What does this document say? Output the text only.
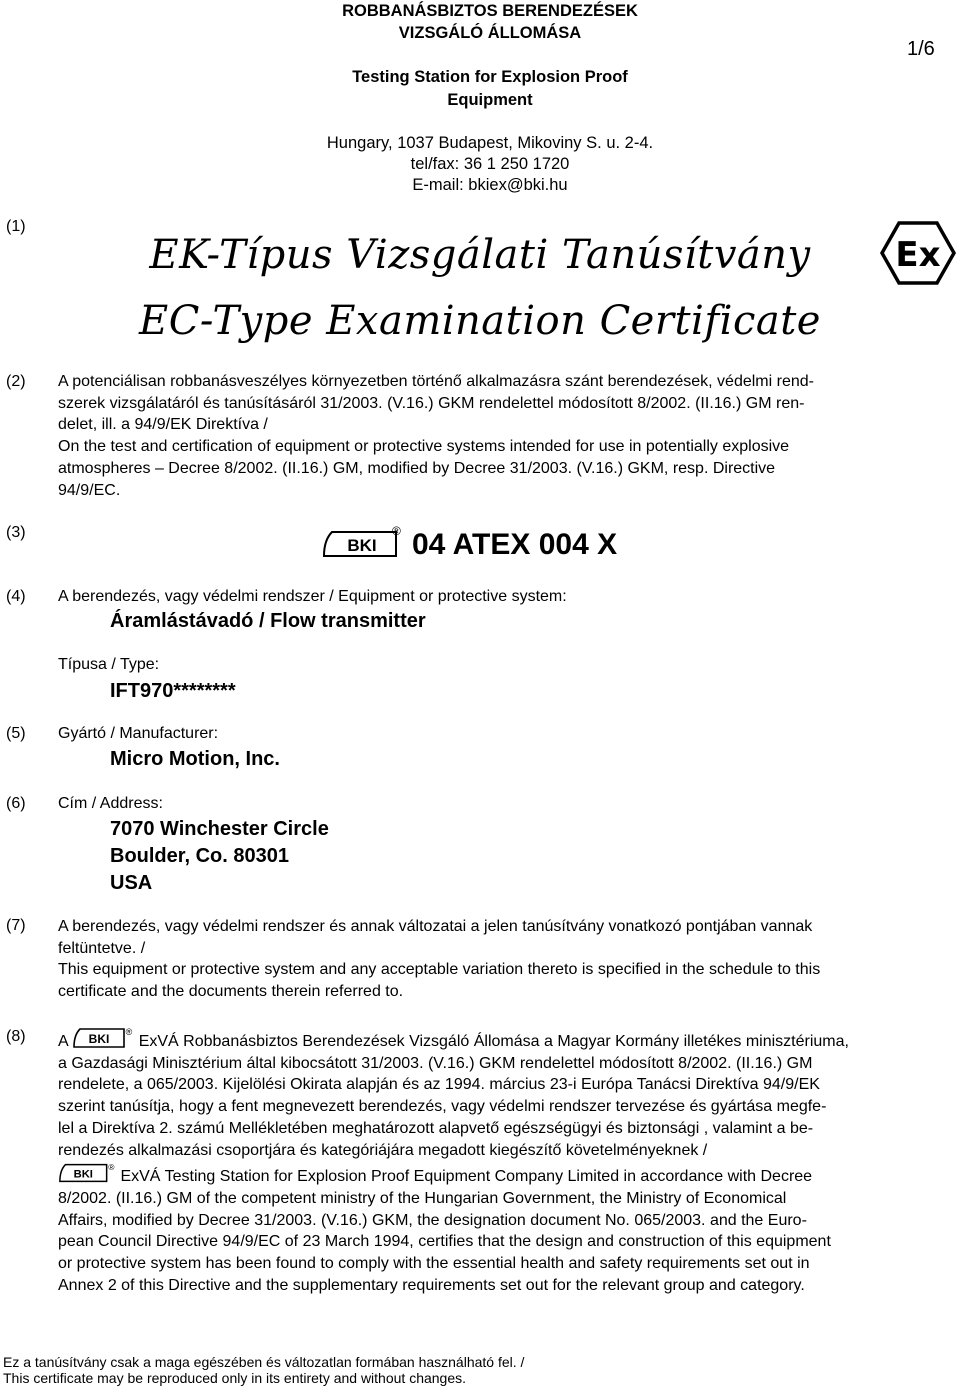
ROBBANÁSBIZTOS BERENDEZÉSEK
VIZSGÁLÓ ÁLLOMÁSA
Testing Station for Explosion Proof
Equipment
Hungary, 1037 Budapest, Mikoviny S. u. 2-4.
tel/fax: 36 1 250 1720
E-mail: bkiex@bki.hu
1/6
(1)
EK-Típus Vizsgálati Tanúsítvány
EC-Type Examination Certificate
Ex
(2) A potenciálisan robbanásveszélyes környezetben történő alkalmazásra szánt berendezések, védelmi rend-
szerek vizsgálatáról és tanúsításáról 31/2003. (V.16.) GKM rendelettel módosított 8/2002. (II.16.) GM ren-
delet, ill. a 94/9/EK Direktíva /
On the test and certification of equipment or protective systems intended for use in potentially explosive
atmospheres – Decree 8/2002. (II.16.) GM, modified by Decree 31/2003. (V.16.) GKM, resp. Directive
94/9/EC.
(3)
BKI
® 04 ATEX 004 X
(4) A berendezés, vagy védelmi rendszer / Equipment or protective system:
Áramlástávadó / Flow transmitter
Típusa / Type:
IFT970********
(5) Gyártó / Manufacturer:
Micro Motion, Inc.
(6) Cím / Address:
7070 Winchester Circle
Boulder, Co. 80301
USA
(7) A berendezés, vagy védelmi rendszer és annak változatai a jelen tanúsítvány vonatkozó pontjában vannak
feltüntetve. /
This equipment or protective system and any acceptable variation thereto is specified in the schedule to this
certificate and the documents therein referred to.
(8) A BKI ®
ExVÁ Robbanásbiztos Berendezések Vizsgáló Állomása a Magyar Kormány illetékes minisztériuma,
a Gazdasági Minisztérium által kibocsátott 31/2003. (V.16.) GKM rendelettel módosított 8/2002. (II.16.) GM
rendelete, a 065/2003. Kijelölési Okirata alapján és az 1994. március 23-i Európa Tanácsi Direktíva 94/9/EK
szerint tanúsítja, hogy a fent megnevezett berendezés, vagy védelmi rendszer tervezése és gyártása megfe-
lel a Direktíva 2. számú Mellékletében meghatározott alapvető egészségügyi és biztonsági , valamint a be-
rendezés alkalmazási csoportjára és kategóriájára megadott kiegészítő követelményeknek /
BKI
®
ExVÁ Testing Station for Explosion Proof Equipment Company Limited in accordance with Decree
8/2002. (II.16.) GM of the competent ministry of the Hungarian Government, the Ministry of Economical
Affairs, modified by Decree 31/2003. (V.16.) GKM, the designation document No. 065/2003. and the Euro-
pean Council Directive 94/9/EC of 23 March 1994, certifies that the design and construction of this equipment
or protective system has been found to comply with the essential health and safety requirements set out in
Annex 2 of this Directive and the supplementary requirements set out for the relevant group and category.
Ez a tanúsítvány csak a maga egészében és változatlan formában használható fel. /
This certificate may be reproduced only in its entirety and without changes.
